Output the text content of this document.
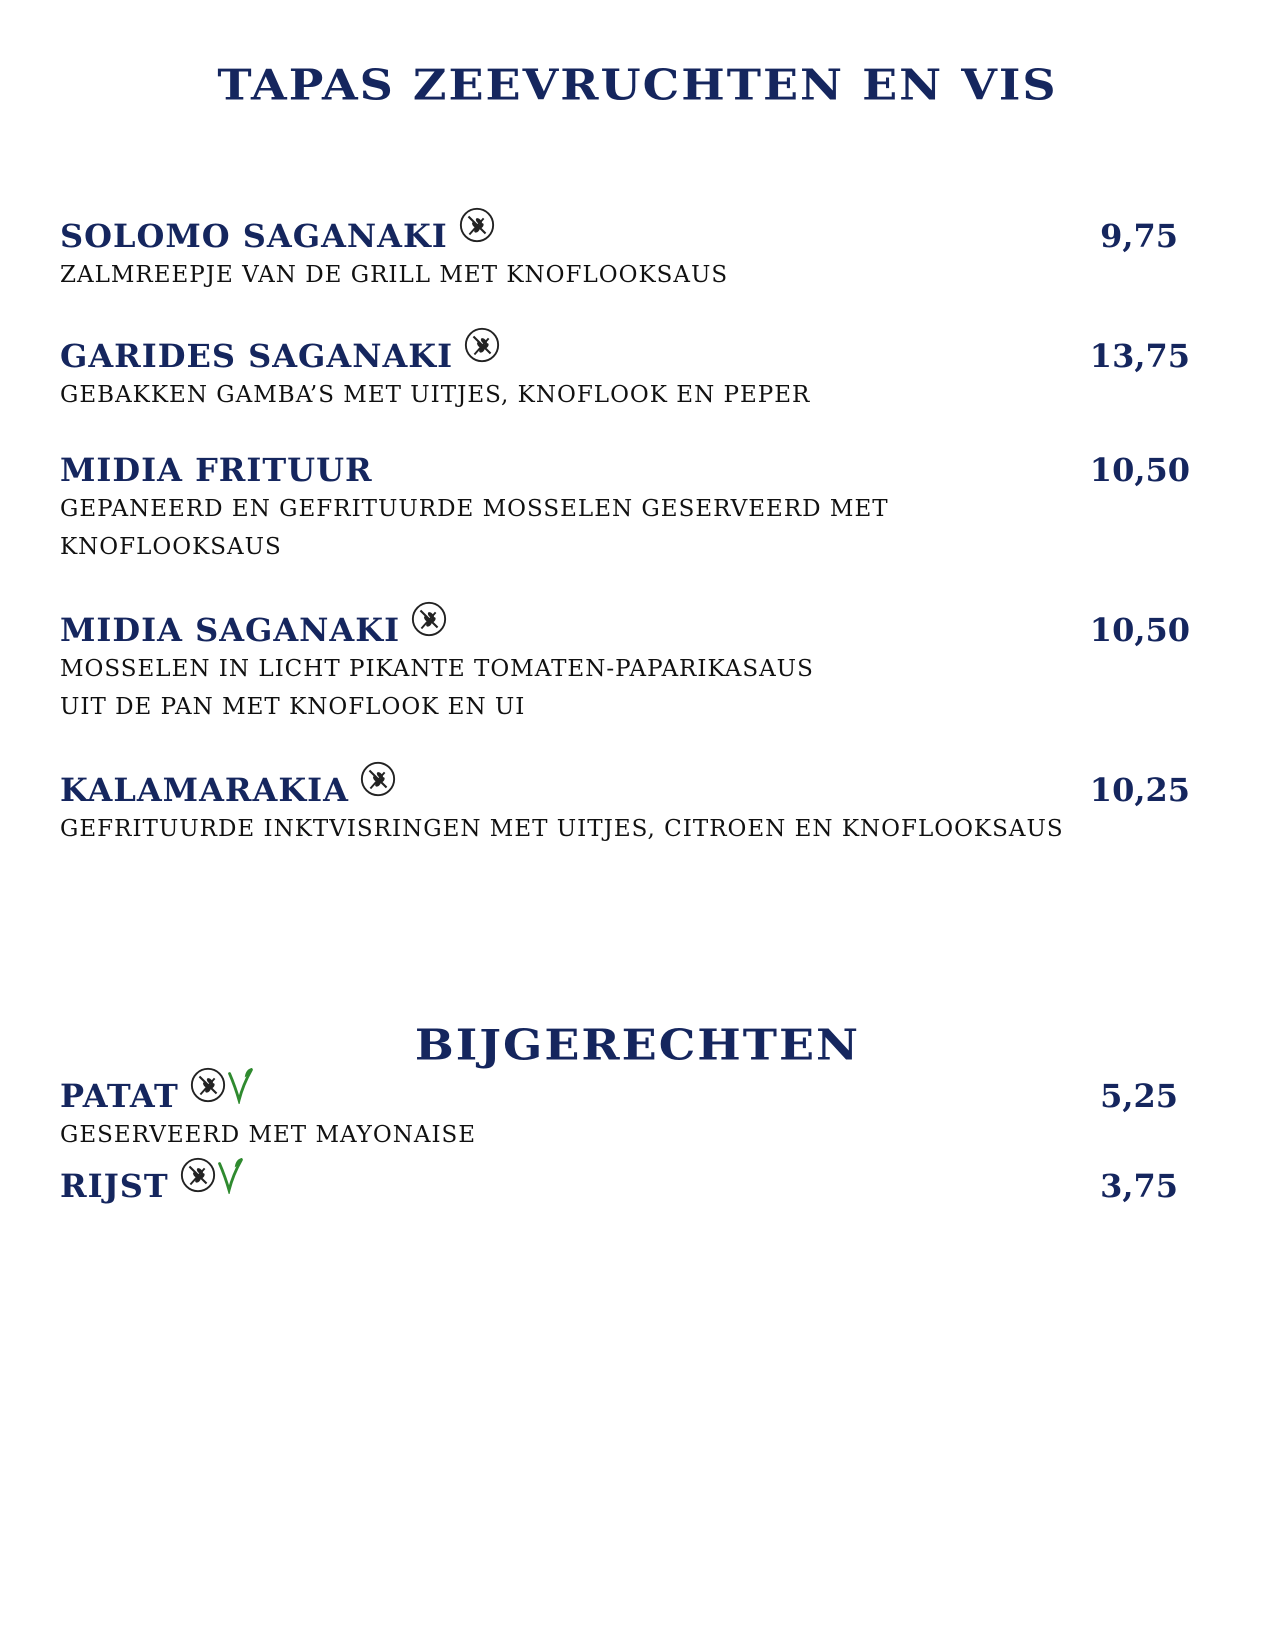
TAPAS ZEEVRUCHTEN EN VIS
SOLOMO SAGANAKI	9,75
ZALMREEPJE VAN DE GRILL MET KNOFLOOKSAUS
GARIDES SAGANAKI	13,75
GEBAKKEN GAMBA’S MET UITJES, KNOFLOOK EN PEPER
MIDIA FRITUUR	10,50
GEPANEERD EN GEFRITUURDE MOSSELEN GESERVEERD MET
KNOFLOOKSAUS
MIDIA SAGANAKI	10,50
MOSSELEN IN LICHT PIKANTE TOMATEN-PAPARIKASAUS
UIT DE PAN MET KNOFLOOK EN UI
KALAMARAKIA	10,25
GEFRITUURDE INKTVISRINGEN MET UITJES, CITROEN EN KNOFLOOKSAUS
BIJGERECHTEN
PATAT	5,25
GESERVEERD MET MAYONAISE
RIJST	3,75
